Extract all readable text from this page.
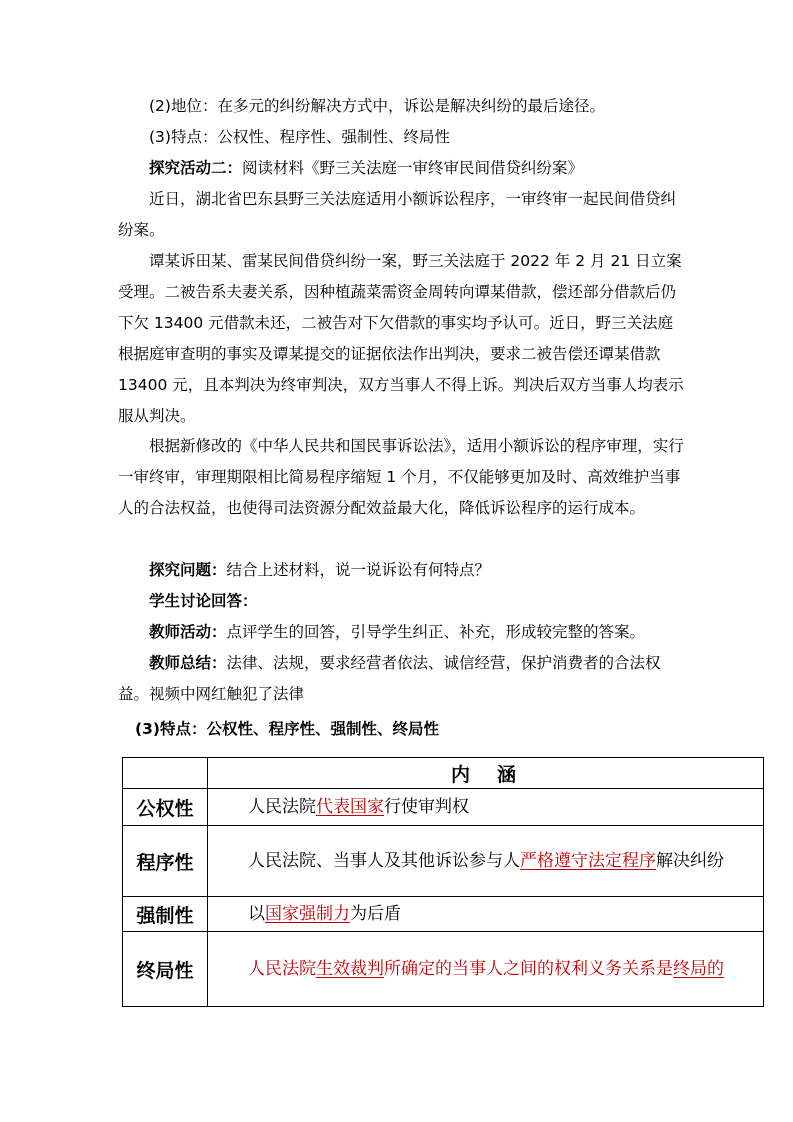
(2)地位：在多元的纠纷解决方式中，诉讼是解决纠纷的最后途径。

(3)特点：公权性、程序性、强制性、终局性

探究活动二：阅读材料《野三关法庭一审终审民间借贷纠纷案》

近日，湖北省巴东县野三关法庭适用小额诉讼程序，一审终审一起民间借贷纠纷案。

谭某诉田某、雷某民间借贷纠纷一案，野三关法庭于 2022 年 2 月 21 日立案受理。二被告系夫妻关系，因种植蔬菜需资金周转向谭某借款，偿还部分借款后仍下欠 13400 元借款未还，二被告对下欠借款的事实均予认可。近日，野三关法庭根据庭审查明的事实及谭某提交的证据依法作出判决，要求二被告偿还谭某借款 13400 元，且本判决为终审判决，双方当事人不得上诉。判决后双方当事人均表示服从判决。

根据新修改的《中华人民共和国民事诉讼法》，适用小额诉讼的程序审理，实行一审终审，审理期限相比简易程序缩短 1 个月，不仅能够更加及时、高效维护当事人的合法权益，也使得司法资源分配效益最大化，降低诉讼程序的运行成本。

探究问题：结合上述材料，说一说诉讼有何特点？

学生讨论回答：

教师活动：点评学生的回答，引导学生纠正、补充，形成较完整的答案。

教师总结：法律、法规，要求经营者依法、诚信经营，保护消费者的合法权益。视频中网红触犯了法律

(3)特点：公权性、程序性、强制性、终局性
	内　涵
公权性	人民法院代表国家行使审判权
程序性	人民法院、当事人及其他诉讼参与人严格遵守法定程序解决纠纷
强制性	以国家强制力为后盾
终局性	人民法院生效裁判所确定的当事人之间的权利义务关系是终局的
